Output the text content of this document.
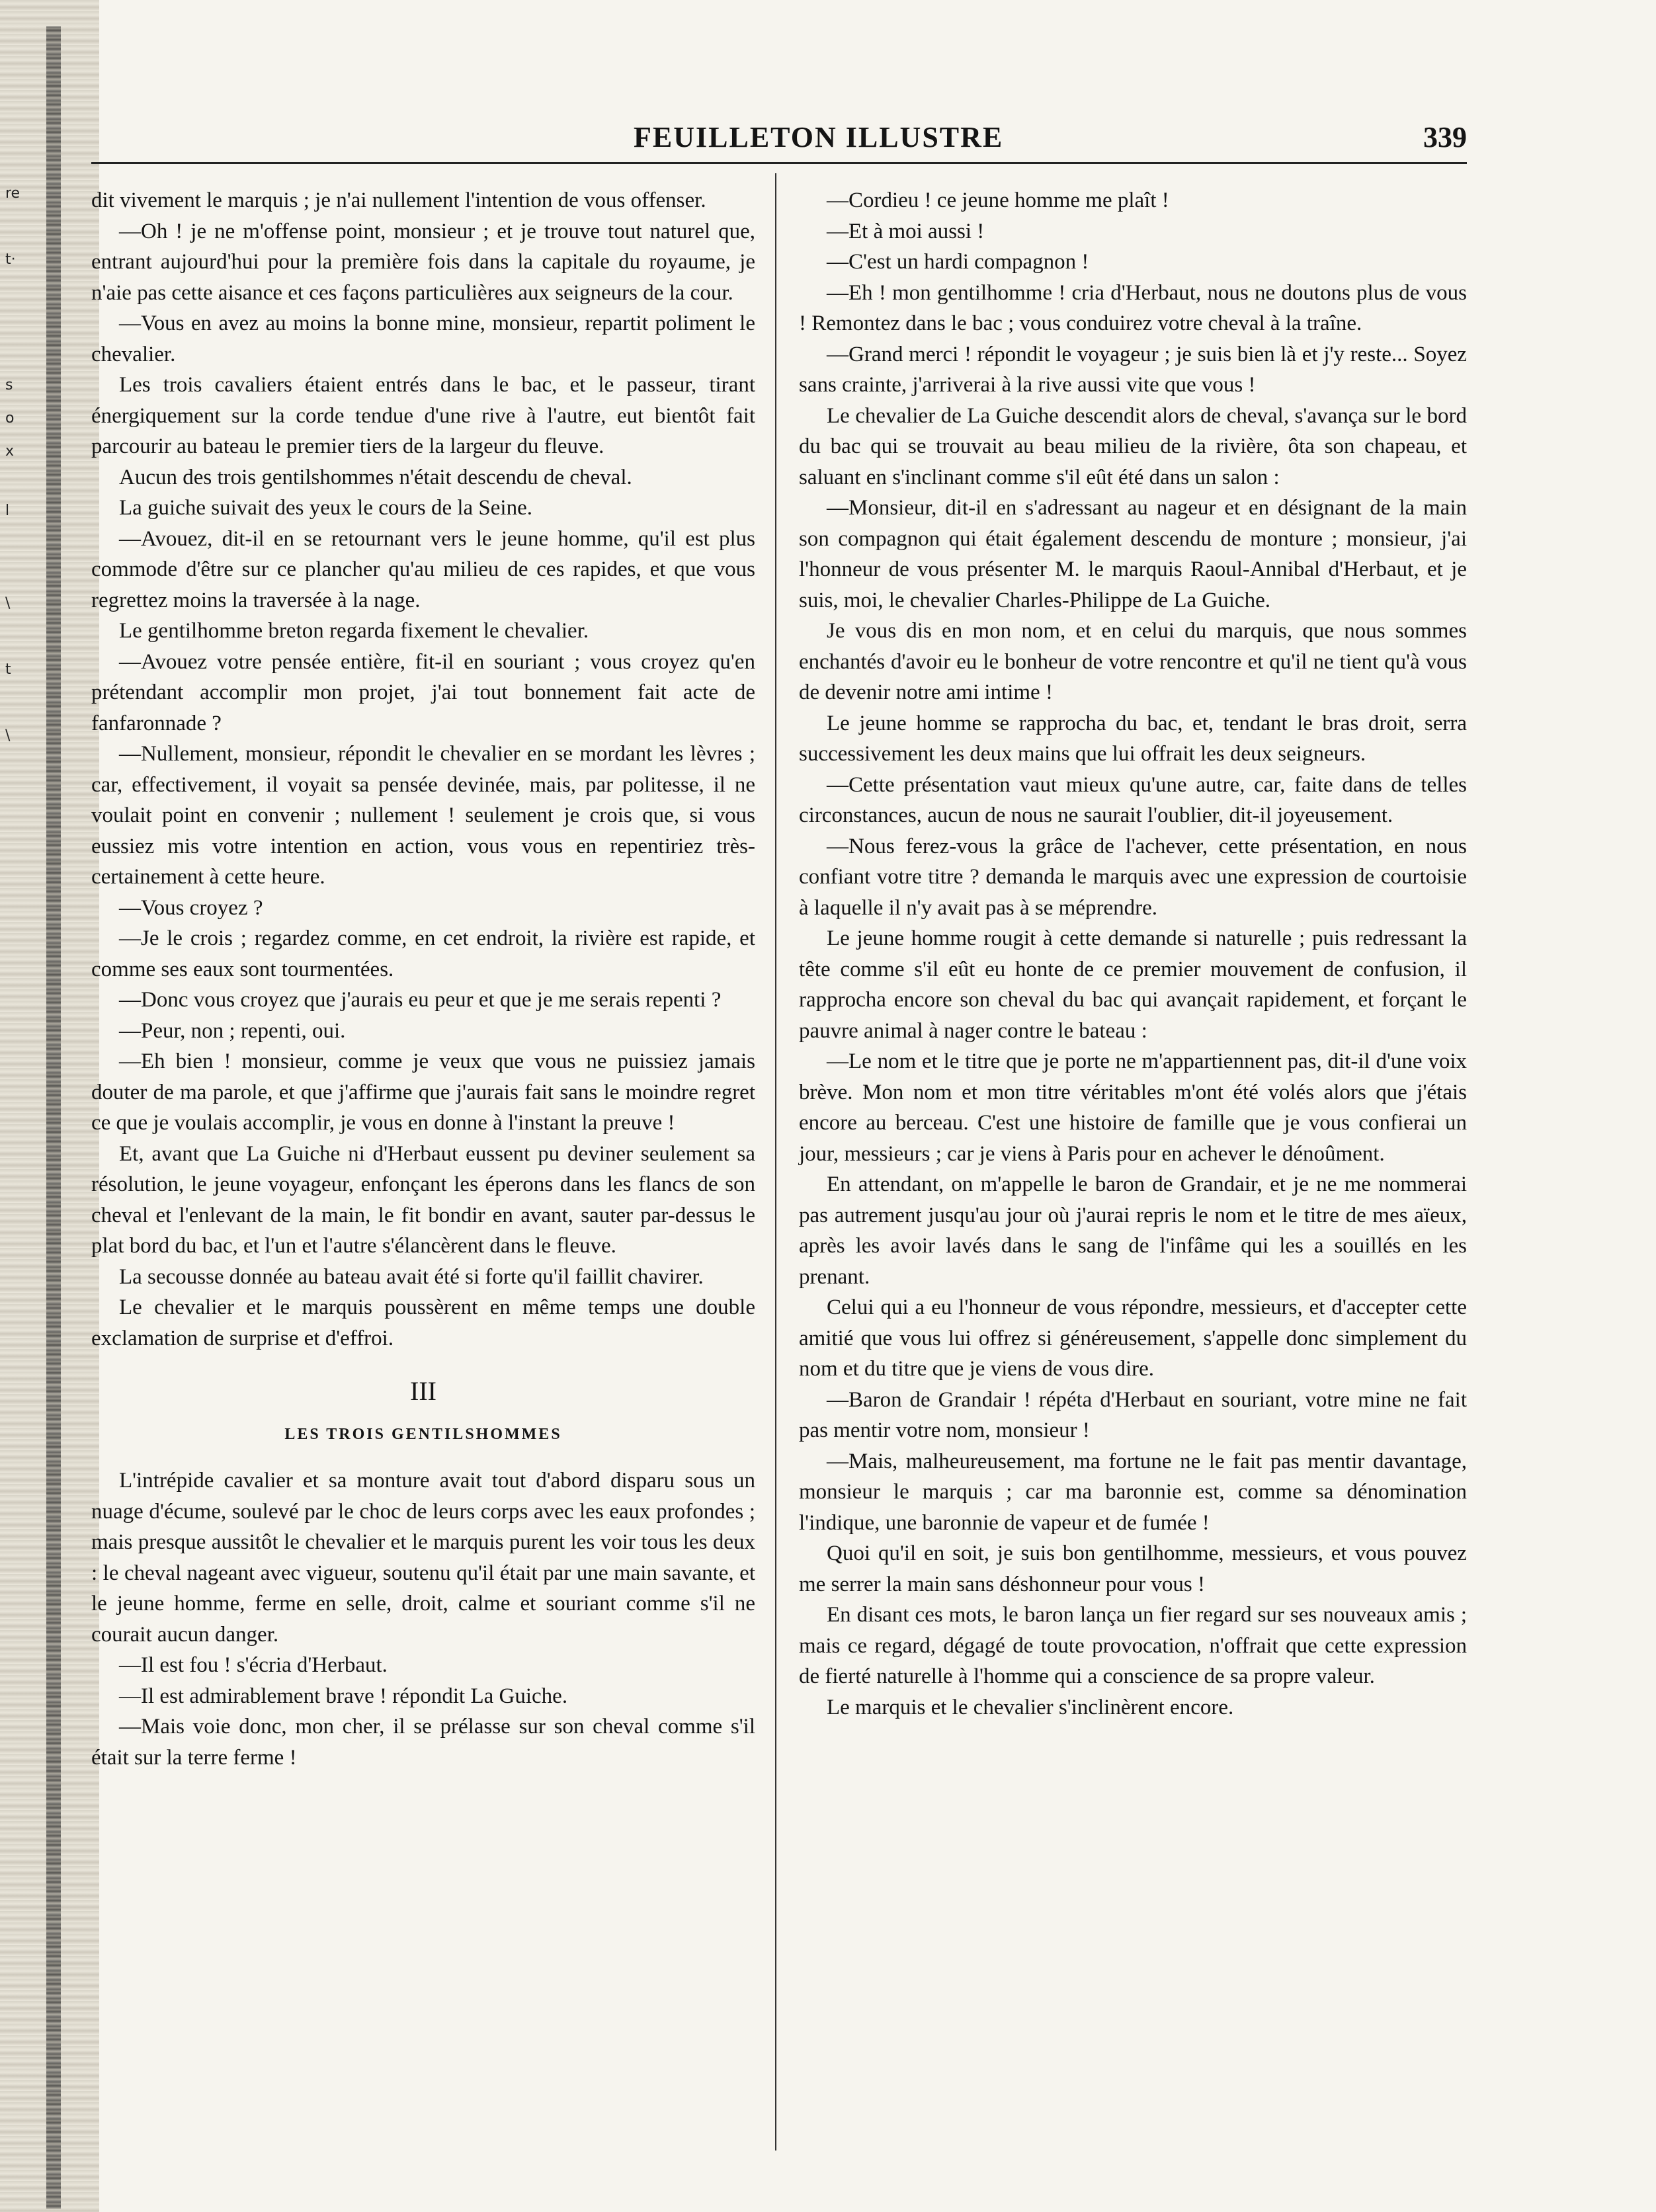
re
t·
s
o
x
l
\
t
\
FEUILLETON ILLUSTRE	339

dit vivement le marquis ; je n'ai nullement l'intention de vous offenser.

—Oh ! je ne m'offense point, monsieur ; et je trouve tout naturel que, entrant aujourd'hui pour la première fois dans la capitale du royaume, je n'aie pas cette aisance et ces façons particulières aux seigneurs de la cour.

—Vous en avez au moins la bonne mine, monsieur, repartit poliment le chevalier.

Les trois cavaliers étaient entrés dans le bac, et le passeur, tirant énergiquement sur la corde tendue d'une rive à l'autre, eut bientôt fait parcourir au bateau le premier tiers de la largeur du fleuve.

Aucun des trois gentilshommes n'était descendu de cheval.

La guiche suivait des yeux le cours de la Seine.

—Avouez, dit-il en se retournant vers le jeune homme, qu'il est plus commode d'être sur ce plancher qu'au milieu de ces rapides, et que vous regrettez moins la traversée à la nage.

Le gentilhomme breton regarda fixement le chevalier.

—Avouez votre pensée entière, fit-il en souriant ; vous croyez qu'en prétendant accomplir mon projet, j'ai tout bonnement fait acte de fanfaronnade ?

—Nullement, monsieur, répondit le chevalier en se mordant les lèvres ; car, effectivement, il voyait sa pensée devinée, mais, par politesse, il ne voulait point en convenir ; nullement ! seulement je crois que, si vous eussiez mis votre intention en action, vous vous en repentiriez très-certainement à cette heure.

—Vous croyez ?

—Je le crois ; regardez comme, en cet endroit, la rivière est rapide, et comme ses eaux sont tourmentées.

—Donc vous croyez que j'aurais eu peur et que je me serais repenti ?

—Peur, non ; repenti, oui.

—Eh bien ! monsieur, comme je veux que vous ne puissiez jamais douter de ma parole, et que j'affirme que j'aurais fait sans le moindre regret ce que je voulais accomplir, je vous en donne à l'instant la preuve !

Et, avant que La Guiche ni d'Herbaut eussent pu deviner seulement sa résolution, le jeune voyageur, enfonçant les éperons dans les flancs de son cheval et l'enlevant de la main, le fit bondir en avant, sauter par-dessus le plat bord du bac, et l'un et l'autre s'élancèrent dans le fleuve.

La secousse donnée au bateau avait été si forte qu'il faillit chavirer.

Le chevalier et le marquis poussèrent en même temps une double exclamation de surprise et d'effroi.

III

LES TROIS GENTILSHOMMES

L'intrépide cavalier et sa monture avait tout d'abord disparu sous un nuage d'écume, soulevé par le choc de leurs corps avec les eaux profondes ; mais presque aussitôt le chevalier et le marquis purent les voir tous les deux : le cheval nageant avec vigueur, soutenu qu'il était par une main savante, et le jeune homme, ferme en selle, droit, calme et souriant comme s'il ne courait aucun danger.

—Il est fou ! s'écria d'Herbaut.

—Il est admirablement brave ! répondit La Guiche.

—Mais voie donc, mon cher, il se prélasse sur son cheval comme s'il était sur la terre ferme !

—Cordieu ! ce jeune homme me plaît !

—Et à moi aussi !

—C'est un hardi compagnon !

—Eh ! mon gentilhomme ! cria d'Herbaut, nous ne doutons plus de vous ! Remontez dans le bac ; vous conduirez votre cheval à la traîne.

—Grand merci ! répondit le voyageur ; je suis bien là et j'y reste... Soyez sans crainte, j'arriverai à la rive aussi vite que vous !

Le chevalier de La Guiche descendit alors de cheval, s'avança sur le bord du bac qui se trouvait au beau milieu de la rivière, ôta son chapeau, et saluant en s'inclinant comme s'il eût été dans un salon :

—Monsieur, dit-il en s'adressant au nageur et en désignant de la main son compagnon qui était également descendu de monture ; monsieur, j'ai l'honneur de vous présenter M. le marquis Raoul-Annibal d'Herbaut, et je suis, moi, le chevalier Charles-Philippe de La Guiche.

Je vous dis en mon nom, et en celui du marquis, que nous sommes enchantés d'avoir eu le bonheur de votre rencontre et qu'il ne tient qu'à vous de devenir notre ami intime !

Le jeune homme se rapprocha du bac, et, tendant le bras droit, serra successivement les deux mains que lui offrait les deux seigneurs.

—Cette présentation vaut mieux qu'une autre, car, faite dans de telles circonstances, aucun de nous ne saurait l'oublier, dit-il joyeusement.

—Nous ferez-vous la grâce de l'achever, cette présentation, en nous confiant votre titre ? demanda le marquis avec une expression de courtoisie à laquelle il n'y avait pas à se méprendre.

Le jeune homme rougit à cette demande si naturelle ; puis redressant la tête comme s'il eût eu honte de ce premier mouvement de confusion, il rapprocha encore son cheval du bac qui avançait rapidement, et forçant le pauvre animal à nager contre le bateau :

—Le nom et le titre que je porte ne m'appartiennent pas, dit-il d'une voix brève. Mon nom et mon titre véritables m'ont été volés alors que j'étais encore au berceau. C'est une histoire de famille que je vous confierai un jour, messieurs ; car je viens à Paris pour en achever le dénoûment.

En attendant, on m'appelle le baron de Grandair, et je ne me nommerai pas autrement jusqu'au jour où j'aurai repris le nom et le titre de mes aïeux, après les avoir lavés dans le sang de l'infâme qui les a souillés en les prenant.

Celui qui a eu l'honneur de vous répondre, messieurs, et d'accepter cette amitié que vous lui offrez si généreusement, s'appelle donc simplement du nom et du titre que je viens de vous dire.

—Baron de Grandair ! répéta d'Herbaut en souriant, votre mine ne fait pas mentir votre nom, monsieur !

—Mais, malheureusement, ma fortune ne le fait pas mentir davantage, monsieur le marquis ; car ma baronnie est, comme sa dénomination l'indique, une baronnie de vapeur et de fumée !

Quoi qu'il en soit, je suis bon gentilhomme, messieurs, et vous pouvez me serrer la main sans déshonneur pour vous !

En disant ces mots, le baron lança un fier regard sur ses nouveaux amis ; mais ce regard, dégagé de toute provocation, n'offrait que cette expression de fierté naturelle à l'homme qui a conscience de sa propre valeur.

Le marquis et le chevalier s'inclinèrent encore.
